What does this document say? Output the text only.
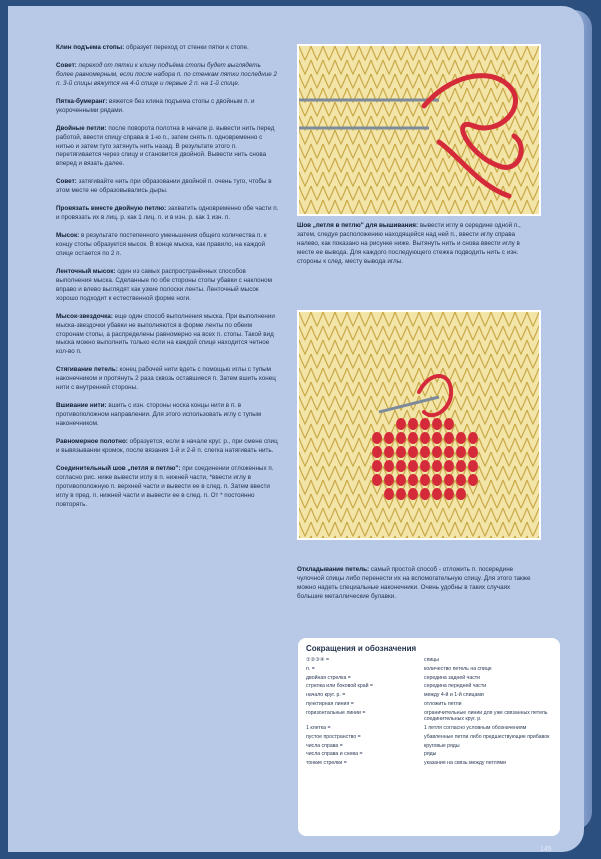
Клин подъема стопы: образует переход от стенки пятки к стопе.

Совет: переход от пятки к клину подъёма стопы будет выглядеть более равномерным, если после набора п. по стенкам пятки последние 2 п. 3-й спицы вяжутся на 4-й спице и первые 2 п. на 1-й спице.

Пятка-бумеранг: вяжется без клина подъема стопы с двойным п. и укороченными рядами.

Двойные петли: после поворота полотна в начале р. вывести нить перед работой, ввести спицу справа в 1-ю п., затем снять п. одновременно с нитью и затем туго затянуть нить назад. В результате этого п. перетягивается через спицу и становится двойной. Вывести нить снова вперед и вязать далее.

Совет: затягивайте нить при образовании двойной п. очень туго, чтобы в этом месте не образовывались дыры.

Провязать вместе двойную петлю: захватить одновременно обе части п. и провязать их в лиц. р. как 1 лиц. п. и в изн. р. как 1 изн. п.

Мысок: в результате постепенного уменьшения общего количества п. к концу стопы образуется мысок. В конце мыска, как правило, на каждой спице остается по 2 п.

Ленточный мысок: один из самых распространённых способов выполнения мыска. Сделанные по обе стороны стопы убавки с наклоном вправо и влево выглядят как узкие полоски ленты. Ленточный мысок хорошо подходит к естественной форме ноги.

Мысок-звездочка: еще один способ выполнения мыска. При выполнении мыска-звездочки убавки не выполняются в форме ленты по обеим сторонам стопы, а распределены равномерно на всех п. стопы. Такой вид мыска можно выполнить только если на каждой спице находится четное кол-во п.

Стягивание петель: конец рабочей нити вдеть с помощью иглы с тупым наконечником и протянуть 2 раза сквозь оставшиеся п. Затем вшить конец нити с внутренней стороны.

Вшивание нити: вшить с изн. стороны носка концы нити в п. в противоположном направлении. Для этого использовать иглу с тупым наконечником.

Равномерное полотно: образуется, если в начале круг. р., при смене спиц и вывязывании кромок, после вязания 1-й и 2-й п. слегка натягивать нить.

Соединительный шов „петля в петлю": при соединении отложенных п. согласно рис. ниже вывести иглу в п. нижней части, *ввести иглу в противоположную п. верхней части и вывести ее в след. п. Затем ввести иглу в пред. п. нижней части и вывести ее в след. п. От * постоянно повторять.

Шов „петля в петлю" для вышивания: вывести иглу в середине одной п., затем, следуя расположению находящейся над ней п., ввести иглу справа налево, как показано на рисунке ниже. Вытянуть нить и снова ввести иглу в месте ее вывода. Для каждого последующего стежка подводить нить с изн. стороны к след. месту вывода иглы.
Откладывание петель: самый простой способ - отложить п. посередине чулочной спицы либо перенести их на вспомогательную спицу. Для этого также можно надеть специальные наконечники. Очень удобны в таких случаях большие металлические булавки.
Сокращения и обозначения
①②③④ =	спицы
п. =	количество петель на спице
двойная стрелка =	середина задней части
стрелка или боковой край =	середина передней части
начало круг. р. =	между 4-й и 1-й спицами
пунктирная линия =	отложить петли
горизонтальные линии =	ограничительные линии для уже связанных петель соединительных круг. р.
1 клетка =	1 петля согласно условным обозначениям
пустое пространство =	убавленные петли либо предшествующие прибавок
числа справа =	круговые ряды
числа справа и снева =	ряды
тонкие стрелки =	указание на связь между петлями
145
